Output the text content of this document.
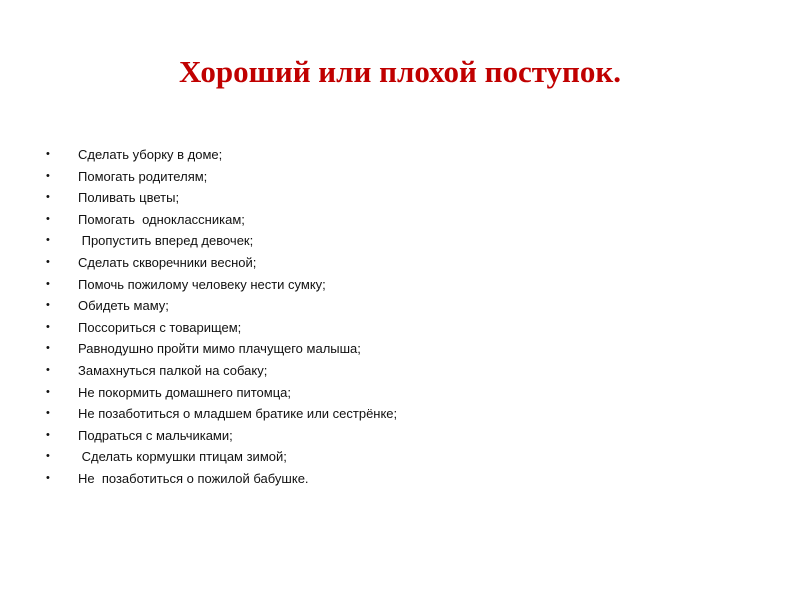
Хороший или плохой поступок.
• Сделать уборку в доме;
• Помогать родителям;
• Поливать цветы;
• Помогать  одноклассникам;
• Пропустить вперед девочек;
• Сделать скворечники весной;
• Помочь пожилому человеку нести сумку;
• Обидеть маму;
• Поссориться с товарищем;
• Равнодушно пройти мимо плачущего малыша;
• Замахнуться палкой на собаку;
• Не покормить домашнего питомца;
• Не позаботиться о младшем братике или сестрёнке;
• Подраться с мальчиками;
• Сделать кормушки птицам зимой;
• Не  позаботиться о пожилой бабушке.
